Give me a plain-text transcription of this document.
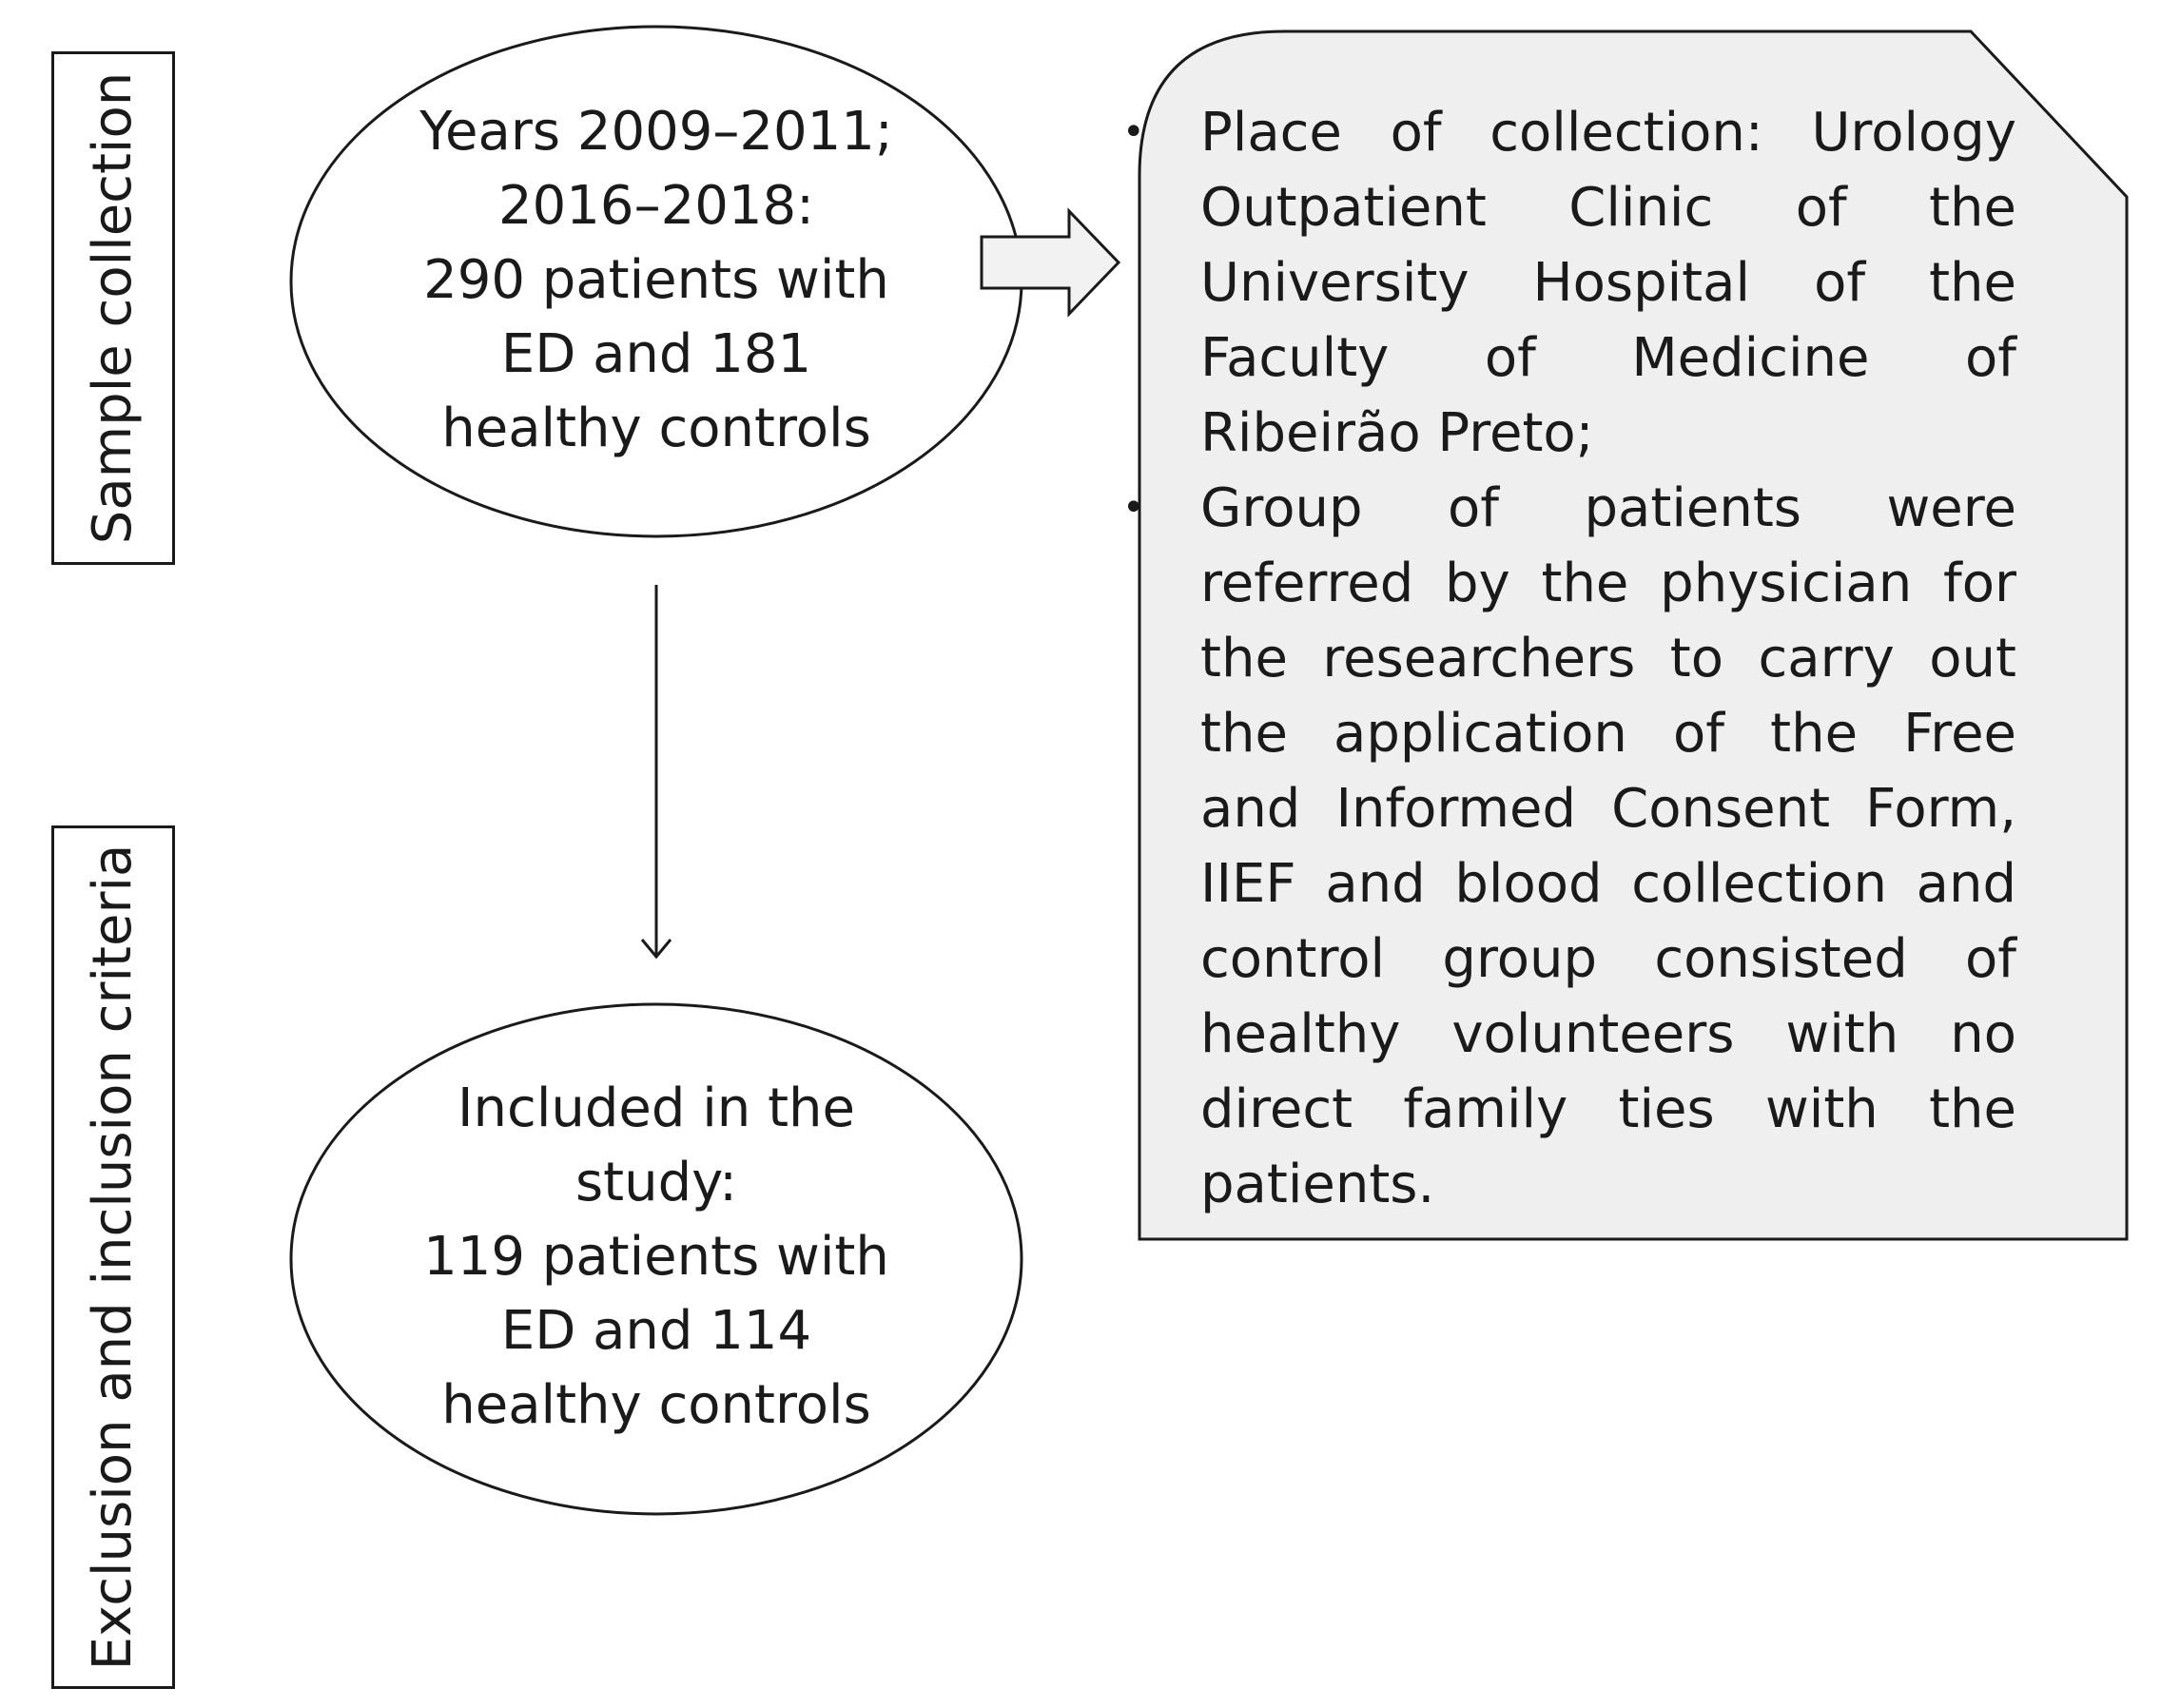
Sample collection
Exclusion and inclusion criteria
Years 2009–2011;
2016–2018:
290 patients with
ED and 181
healthy controls
Included in the
study:
119 patients with
ED and 114
healthy controls
• Place of collection: Urology Outpatient Clinic of the University Hospital of the Faculty of Medicine of Ribeirão Preto;
• Group of patients were referred by the physician for the researchers to carry out the application of the Free and Informed Consent Form, IIEF and blood collection and control group consisted of healthy volunteers with no direct family ties with the patients.
